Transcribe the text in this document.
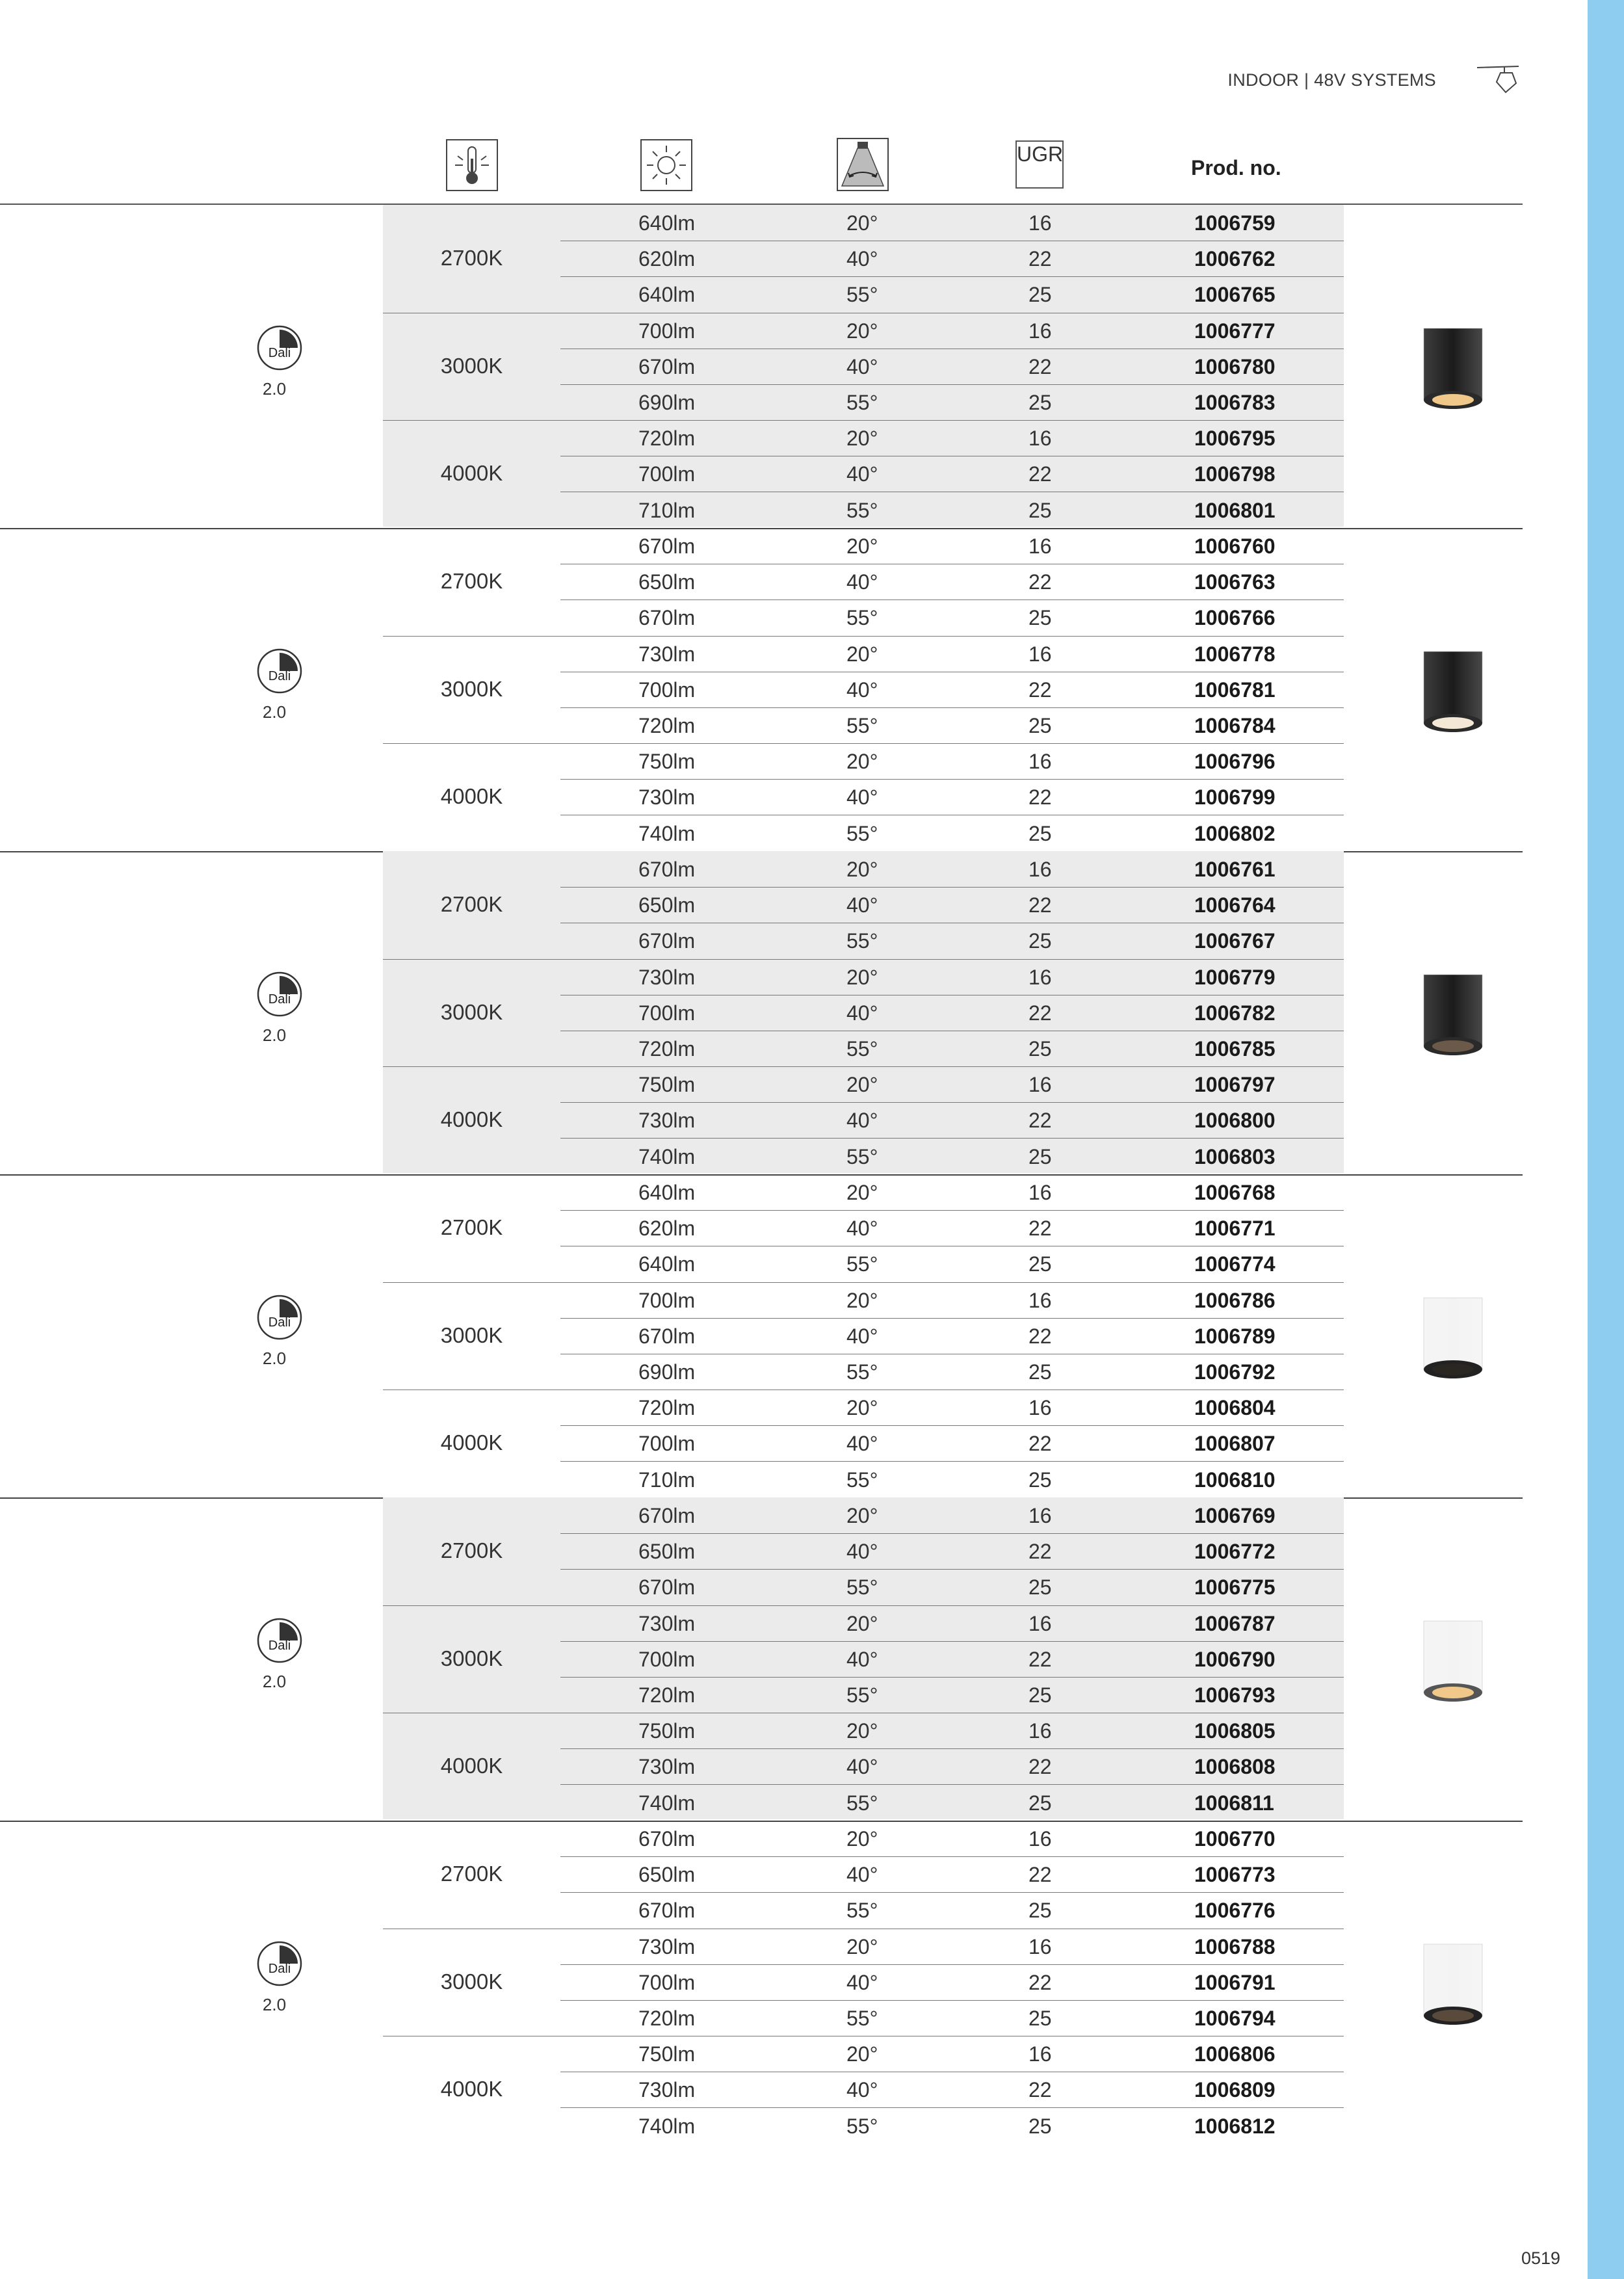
INDOOR | 48V SYSTEMS
UGR
Prod. no.
Dali
2.0
2700K
640lm	20°	16	1006759
620lm	40°	22	1006762
640lm	55°	25	1006765
3000K
700lm	20°	16	1006777
670lm	40°	22	1006780
690lm	55°	25	1006783
4000K
720lm	20°	16	1006795
700lm	40°	22	1006798
710lm	55°	25	1006801
Dali
2.0
2700K
670lm	20°	16	1006760
650lm	40°	22	1006763
670lm	55°	25	1006766
3000K
730lm	20°	16	1006778
700lm	40°	22	1006781
720lm	55°	25	1006784
4000K
750lm	20°	16	1006796
730lm	40°	22	1006799
740lm	55°	25	1006802
Dali
2.0
2700K
670lm	20°	16	1006761
650lm	40°	22	1006764
670lm	55°	25	1006767
3000K
730lm	20°	16	1006779
700lm	40°	22	1006782
720lm	55°	25	1006785
4000K
750lm	20°	16	1006797
730lm	40°	22	1006800
740lm	55°	25	1006803
Dali
2.0
2700K
640lm	20°	16	1006768
620lm	40°	22	1006771
640lm	55°	25	1006774
3000K
700lm	20°	16	1006786
670lm	40°	22	1006789
690lm	55°	25	1006792
4000K
720lm	20°	16	1006804
700lm	40°	22	1006807
710lm	55°	25	1006810
Dali
2.0
2700K
670lm	20°	16	1006769
650lm	40°	22	1006772
670lm	55°	25	1006775
3000K
730lm	20°	16	1006787
700lm	40°	22	1006790
720lm	55°	25	1006793
4000K
750lm	20°	16	1006805
730lm	40°	22	1006808
740lm	55°	25	1006811
Dali
2.0
2700K
670lm	20°	16	1006770
650lm	40°	22	1006773
670lm	55°	25	1006776
3000K
730lm	20°	16	1006788
700lm	40°	22	1006791
720lm	55°	25	1006794
4000K
750lm	20°	16	1006806
730lm	40°	22	1006809
740lm	55°	25	1006812
0519
